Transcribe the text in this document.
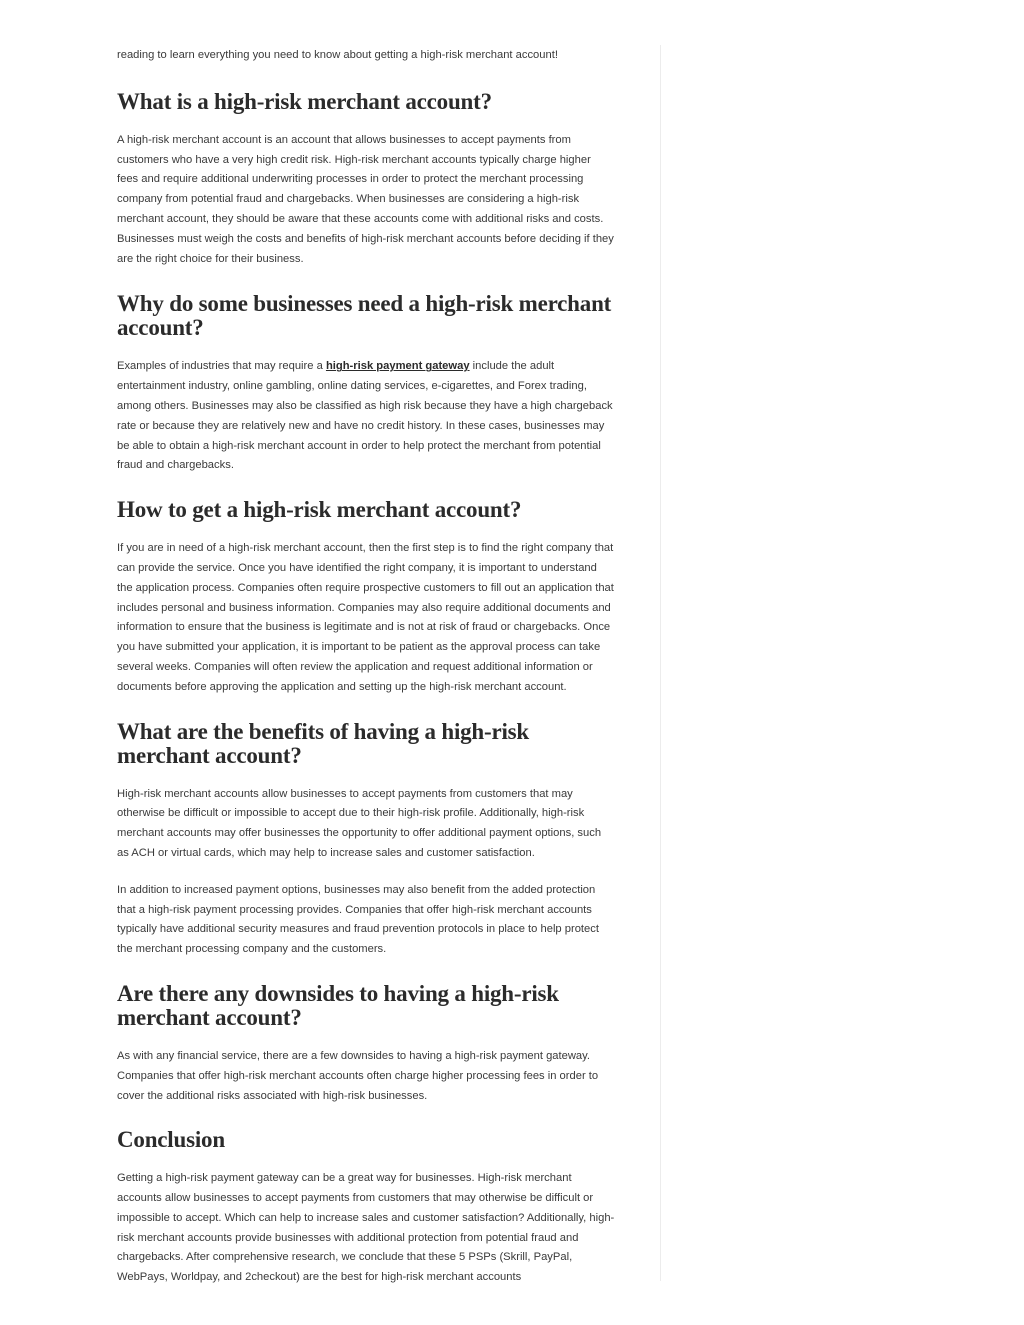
reading to learn everything you need to know about getting a high-risk merchant account!

What is a high-risk merchant account?

A high-risk merchant account is an account that allows businesses to accept payments from customers who have a very high credit risk. High-risk merchant accounts typically charge higher fees and require additional underwriting processes in order to protect the merchant processing company from potential fraud and chargebacks. When businesses are considering a high-risk merchant account, they should be aware that these accounts come with additional risks and costs. Businesses must weigh the costs and benefits of high-risk merchant accounts before deciding if they are the right choice for their business.

Why do some businesses need a high-risk merchant account?

Examples of industries that may require a high-risk payment gateway include the adult entertainment industry, online gambling, online dating services, e-cigarettes, and Forex trading, among others. Businesses may also be classified as high risk because they have a high chargeback rate or because they are relatively new and have no credit history. In these cases, businesses may be able to obtain a high-risk merchant account in order to help protect the merchant from potential fraud and chargebacks.

How to get a high-risk merchant account?

If you are in need of a high-risk merchant account, then the first step is to find the right company that can provide the service. Once you have identified the right company, it is important to understand the application process. Companies often require prospective customers to fill out an application that includes personal and business information. Companies may also require additional documents and information to ensure that the business is legitimate and is not at risk of fraud or chargebacks. Once you have submitted your application, it is important to be patient as the approval process can take several weeks. Companies will often review the application and request additional information or documents before approving the application and setting up the high-risk merchant account.

What are the benefits of having a high-risk merchant account?

High-risk merchant accounts allow businesses to accept payments from customers that may otherwise be difficult or impossible to accept due to their high-risk profile. Additionally, high-risk merchant accounts may offer businesses the opportunity to offer additional payment options, such as ACH or virtual cards, which may help to increase sales and customer satisfaction.

In addition to increased payment options, businesses may also benefit from the added protection that a high-risk payment processing provides. Companies that offer high-risk merchant accounts typically have additional security measures and fraud prevention protocols in place to help protect the merchant processing company and the customers.

Are there any downsides to having a high-risk merchant account?

As with any financial service, there are a few downsides to having a high-risk payment gateway. Companies that offer high-risk merchant accounts often charge higher processing fees in order to cover the additional risks associated with high-risk businesses.

Conclusion

Getting a high-risk payment gateway can be a great way for businesses. High-risk merchant accounts allow businesses to accept payments from customers that may otherwise be difficult or impossible to accept. Which can help to increase sales and customer satisfaction? Additionally, high-risk merchant accounts provide businesses with additional protection from potential fraud and chargebacks. After comprehensive research, we conclude that these 5 PSPs (Skrill, PayPal, WebPays, Worldpay, and 2checkout) are the best for high-risk merchant accounts
